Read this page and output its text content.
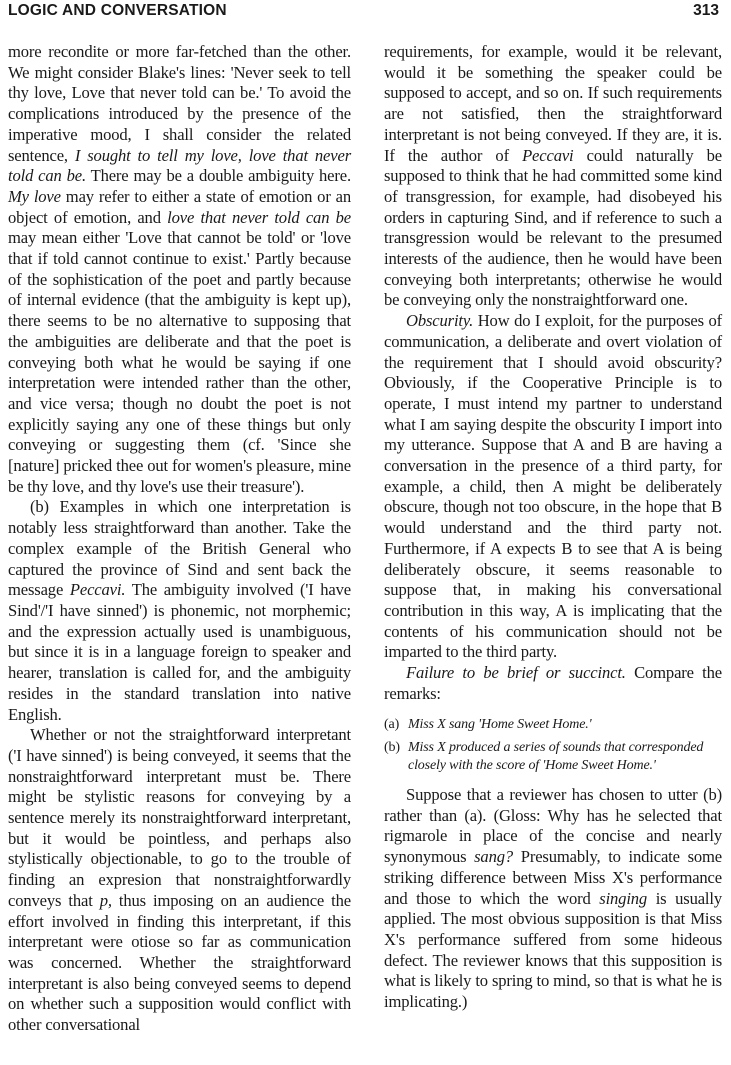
LOGIC AND CONVERSATION	313

more recondite or more far-fetched than the other. We might consider Blake's lines: 'Never seek to tell thy love, Love that never told can be.' To avoid the complications introduced by the presence of the imperative mood, I shall consider the related sentence, I sought to tell my love, love that never told can be. There may be a double ambiguity here. My love may refer to either a state of emotion or an object of emotion, and love that never told can be may mean either 'Love that cannot be told' or 'love that if told cannot continue to exist.' Partly because of the sophistication of the poet and partly because of internal evidence (that the ambiguity is kept up), there seems to be no alternative to supposing that the ambiguities are deliberate and that the poet is conveying both what he would be saying if one interpretation were intended rather than the other, and vice versa; though no doubt the poet is not explicitly saying any one of these things but only conveying or suggesting them (cf. 'Since she [nature] pricked thee out for women's pleasure, mine be thy love, and thy love's use their treasure').

(b) Examples in which one interpretation is notably less straightforward than another. Take the complex example of the British General who captured the province of Sind and sent back the message Peccavi. The ambiguity involved ('I have Sind'/'I have sinned') is phonemic, not morphemic; and the expression actually used is unambiguous, but since it is in a language foreign to speaker and hearer, translation is called for, and the ambiguity resides in the standard translation into native English.

Whether or not the straightforward interpretant ('I have sinned') is being conveyed, it seems that the nonstraightforward interpretant must be. There might be stylistic reasons for conveying by a sentence merely its nonstraightforward interpretant, but it would be pointless, and perhaps also stylistically objectionable, to go to the trouble of finding an expresion that nonstraightforwardly conveys that p, thus imposing on an audience the effort involved in finding this interpretant, if this interpretant were otiose so far as communication was concerned. Whether the straightforward interpretant is also being conveyed seems to depend on whether such a supposition would conflict with other conversational

requirements, for example, would it be relevant, would it be something the speaker could be supposed to accept, and so on. If such requirements are not satisfied, then the straightforward interpretant is not being conveyed. If they are, it is. If the author of Peccavi could naturally be supposed to think that he had committed some kind of transgression, for example, had disobeyed his orders in capturing Sind, and if reference to such a transgression would be relevant to the presumed interests of the audience, then he would have been conveying both interpretants; otherwise he would be conveying only the nonstraightforward one.

Obscurity. How do I exploit, for the purposes of communication, a deliberate and overt violation of the requirement that I should avoid obscurity? Obviously, if the Cooperative Principle is to operate, I must intend my partner to understand what I am saying despite the obscurity I import into my utterance. Suppose that A and B are having a conversation in the presence of a third party, for example, a child, then A might be deliberately obscure, though not too obscure, in the hope that B would understand and the third party not. Furthermore, if A expects B to see that A is being deliberately obscure, it seems reasonable to suppose that, in making his conversational contribution in this way, A is implicating that the contents of his communication should not be imparted to the third party.

Failure to be brief or succinct. Compare the remarks:

(a) Miss X sang 'Home Sweet Home.'
(b) Miss X produced a series of sounds that corresponded closely with the score of 'Home Sweet Home.'

Suppose that a reviewer has chosen to utter (b) rather than (a). (Gloss: Why has he selected that rigmarole in place of the concise and nearly synonymous sang? Presumably, to indicate some striking difference between Miss X's performance and those to which the word singing is usually applied. The most obvious supposition is that Miss X's performance suffered from some hideous defect. The reviewer knows that this supposition is what is likely to spring to mind, so that is what he is implicating.)
